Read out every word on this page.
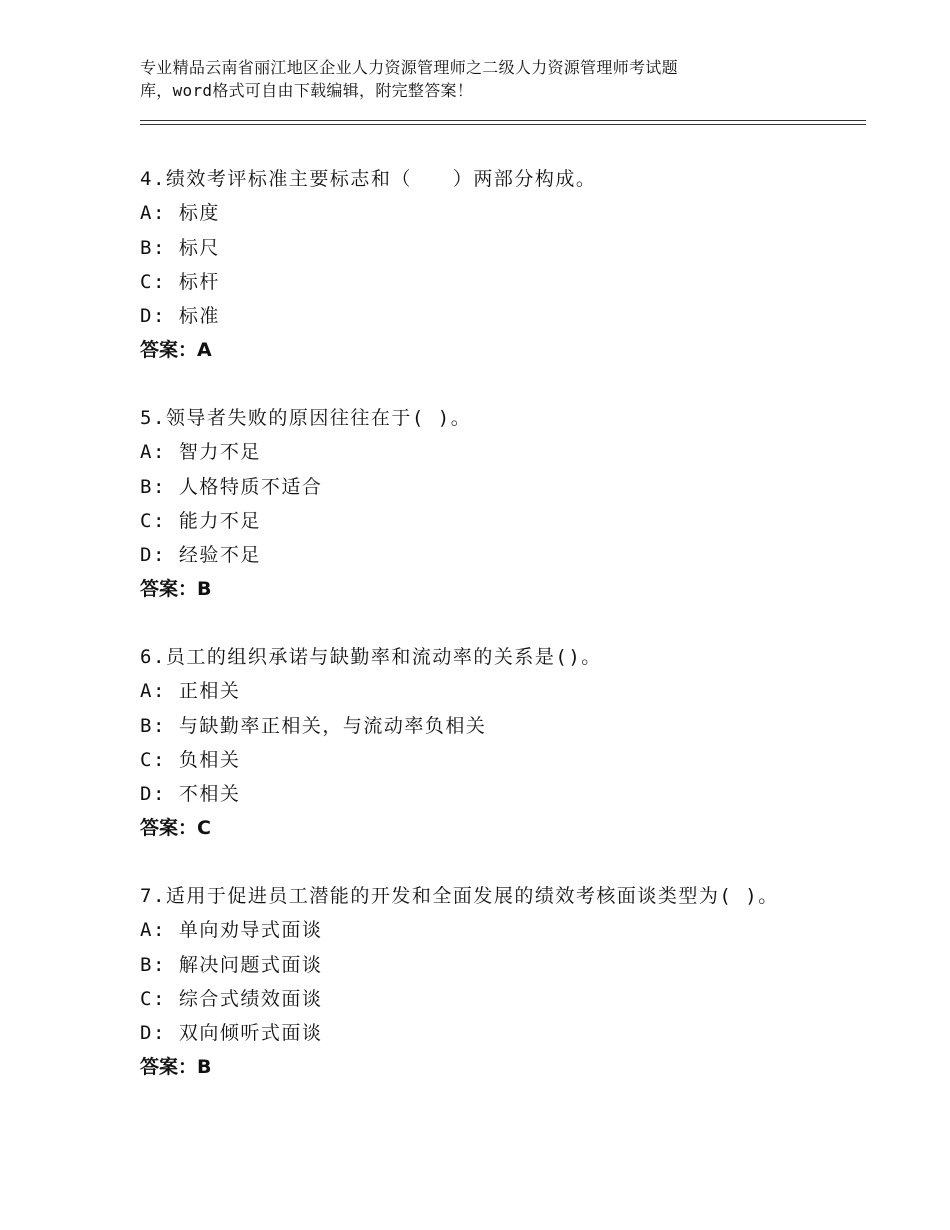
专业精品云南省丽江地区企业人力资源管理师之二级人力资源管理师考试题
库，word格式可自由下载编辑，附完整答案！
4.绩效考评标准主要标志和（　　）两部分构成。
A: 标度
B: 标尺
C: 标杆
D: 标准
答案：A
5.领导者失败的原因往往在于( )。
A: 智力不足
B: 人格特质不适合
C: 能力不足
D: 经验不足
答案：B
6.员工的组织承诺与缺勤率和流动率的关系是()。
A: 正相关
B: 与缺勤率正相关，与流动率负相关
C: 负相关
D: 不相关
答案：C
7.适用于促进员工潜能的开发和全面发展的绩效考核面谈类型为( )。
A: 单向劝导式面谈
B: 解决问题式面谈
C: 综合式绩效面谈
D: 双向倾听式面谈
答案：B
